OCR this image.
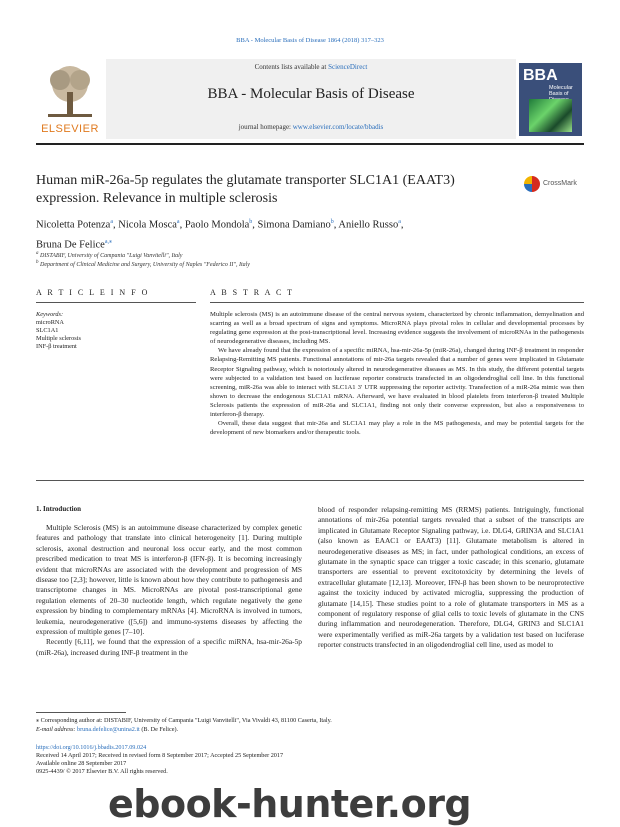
BBA - Molecular Basis of Disease 1864 (2018) 317–323
ELSEVIER
Contents lists available at ScienceDirect
BBA - Molecular Basis of Disease
journal homepage: www.elsevier.com/locate/bbadis
BBA
Molecular
Basis of
Human miR-26a-5p regulates the glutamate transporter SLC1A1 (EAAT3)
expression. Relevance in multiple sclerosis
CrossMark
Nicoletta Potenza$^a$, Nicola Mosca$^a$, Paolo Mondola$^b$, Simona Damiano$^b$, Aniello Russo$^a$,
Bruna De Felice$^{a,⁎}$
$^a$ DISTABIF, University of Campania "Luigi Vanvitelli", Italy
$^b$ Department of Clinical Medicine and Surgery, University of Naples "Federico II", Italy
A R T I C L E I N F O	A B S T R A C T
Keywords:
microRNA
SLC1A1
Multiple sclerosis
INF-β treatment

Multiple sclerosis (MS) is an autoimmune disease of the central nervous system, characterized by chronic inflammation, demyelination and scarring as well as a broad spectrum of signs and symptoms. MicroRNA plays pivotal roles in cellular and developmental processes by regulating gene expression at the post-transcriptional level. Increasing evidence suggests the involvement of microRNAs in the pathogenesis of neurodegenerative diseases, including MS.

We have already found that the expression of a specific miRNA, hsa-mir-26a-5p (miR-26a), changed during INF-β treatment in responder Relapsing-Remitting MS patients. Functional annotations of mir-26a targets revealed that a number of genes were implicated in Glutamate Receptor Signaling pathway, which is notoriously altered in neurodegenerative diseases as MS. In this study, the different potential targets were subjected to a validation test based on luciferase reporter constructs transfected in an oligodendroglial cell line. In this functional screening, miR-26a was able to interact with SLC1A1 3′ UTR suppressing the reporter activity. Transfection of a miR-26a mimic was then shown to decrease the endogenous SLC1A1 mRNA. Afterward, we have evaluated in blood platelets from interferon-β treated Multiple Sclerosis patients the expression of miR-26a and SLC1A1, finding not only their converse expression, but also a responsiveness to interferon-β therapy.

Overall, these data suggest that mir-26a and SLC1A1 may play a role in the MS pathogenesis, and may be potential targets for the development of new biomarkers and/or therapeutic tools.

1. Introduction

Multiple Sclerosis (MS) is an autoimmune disease characterized by complex genetic features and pathology that translate into clinical heterogeneity [1]. During multiple sclerosis, axonal destruction and neuronal loss occur early, and the most common prescribed medication to treat MS is interferon-β (IFN-β). It is becoming increasingly evident that microRNAs are associated with the development and progression of MS disease too [2,3]; however, little is known about how they contribute to pathogenesis and transcriptome changes in MS. MicroRNAs are pivotal post-transcriptional gene regulation elements of 20–30 nucleotide length, which regulate negatively the gene expression by binding to complementary mRNAs [4]. MicroRNA is involved in tumors, leukemia, neurodegenerative ([5,6]) and immuno-systems diseases by affecting the expression of multiple genes [7–10].

Recently [6,11], we found that the expression of a specific miRNA, hsa-mir-26a-5p (miR-26a), increased during INF-β treatment in the

blood of responder relapsing-remitting MS (RRMS) patients. Intriguingly, functional annotations of mir-26a potential targets revealed that a subset of the transcripts are implicated in Glutamate Receptor Signaling pathway, i.e. DLG4, GRIN3A and SLC1A1 (also known as EAAC1 or EAAT3) [11]. Glutamate metabolism is altered in neurodegenerative diseases as MS; in fact, under pathological conditions, an excess of glutamate in the synaptic space can trigger a toxic cascade; in this scenario, glutamate transporters are essential to prevent excitotoxicity by determining the levels of extracellular glutamate [12,13]. Moreover, IFN-β has been shown to be neuroprotective against the toxicity induced by activated microglia, suppressing the production of glutamate [14,15]. These studies point to a role of glutamate transporters in MS as a component of regulatory response of glial cells to toxic levels of glutamate in the CNS during inflammation and neurodegeneration. Therefore, DLG4, GRIN3 and SLC1A1 were experimentally verified as miR-26a targets by a validation test based on luciferase reporter constructs transfected in an oligodendroglial cell line, used as model to

⁎ Corresponding author at: DISTABIF, University of Campania "Luigi Vanvitelli", Via Vivaldi 43, 81100 Caserta, Italy.
E-mail address: bruna.defelice@unina2.it (B. De Felice).
https://doi.org/10.1016/j.bbadis.2017.09.024
Received 14 April 2017; Received in revised form 8 September 2017; Accepted 25 September 2017
Available online 28 September 2017
0925-4439/ © 2017 Elsevier B.V. All rights reserved.
ebook-hunter.org
